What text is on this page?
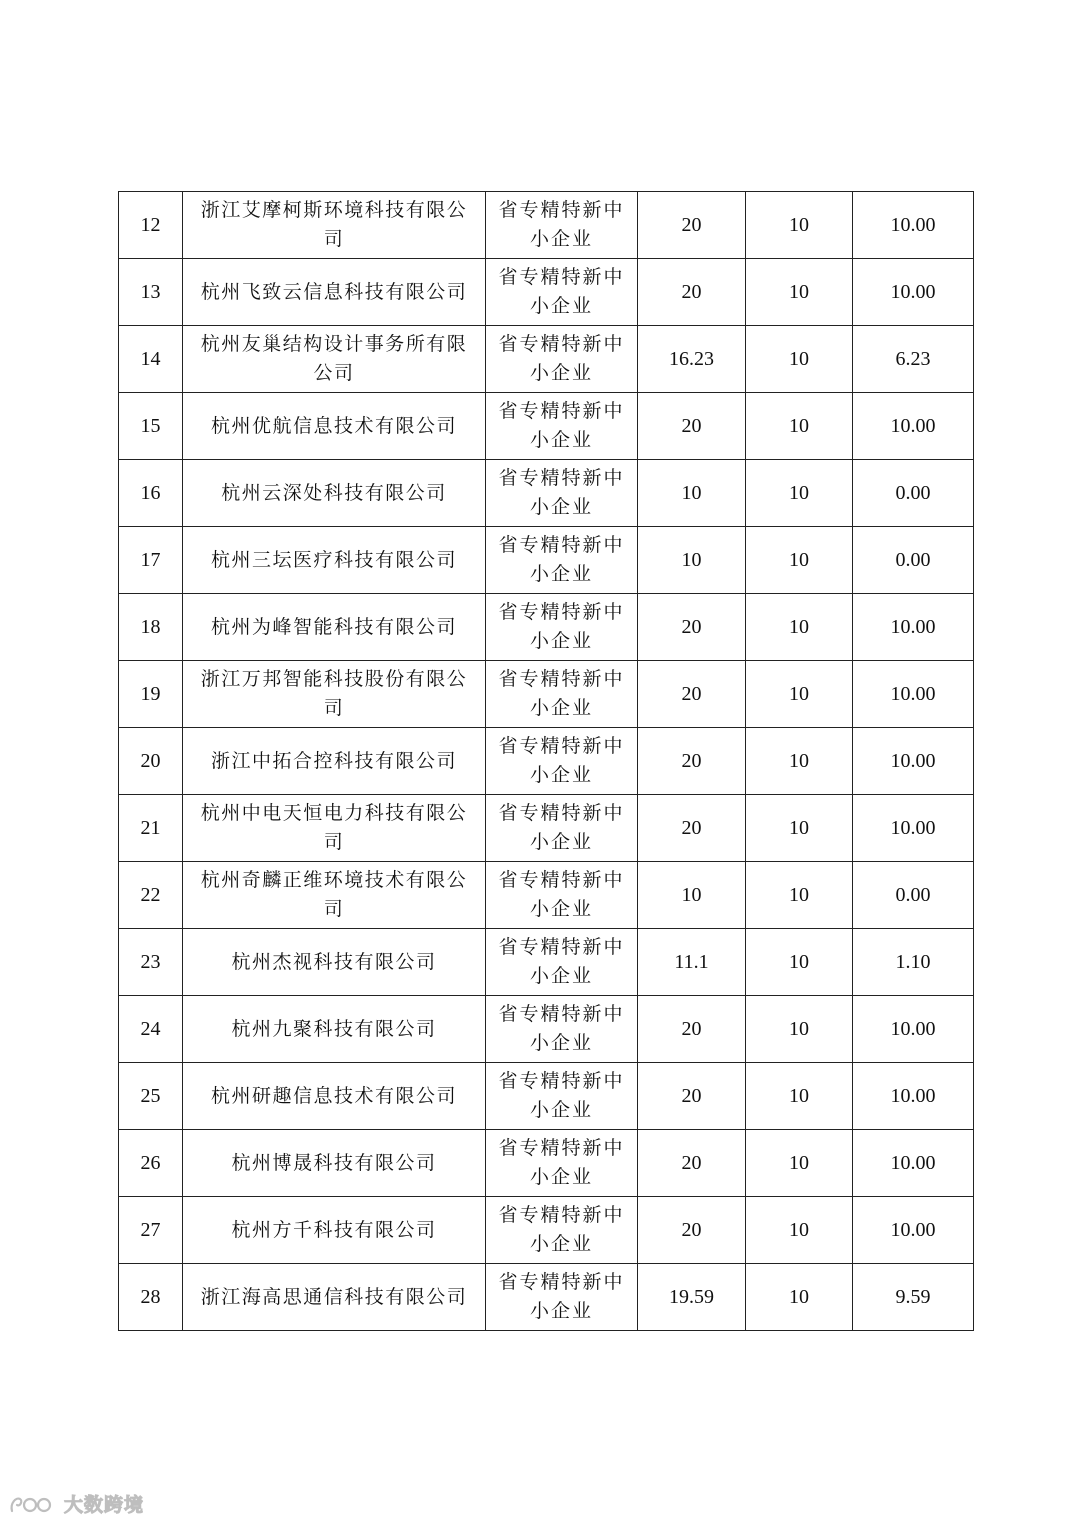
12	浙江艾摩柯斯环境科技有限公司	省专精特新中小企业	20	10	10.00
13	杭州飞致云信息科技有限公司	省专精特新中小企业	20	10	10.00
14	杭州友巢结构设计事务所有限公司	省专精特新中小企业	16.23	10	6.23
15	杭州优航信息技术有限公司	省专精特新中小企业	20	10	10.00
16	杭州云深处科技有限公司	省专精特新中小企业	10	10	0.00
17	杭州三坛医疗科技有限公司	省专精特新中小企业	10	10	0.00
18	杭州为峰智能科技有限公司	省专精特新中小企业	20	10	10.00
19	浙江万邦智能科技股份有限公司	省专精特新中小企业	20	10	10.00
20	浙江中拓合控科技有限公司	省专精特新中小企业	20	10	10.00
21	杭州中电天恒电力科技有限公司	省专精特新中小企业	20	10	10.00
22	杭州奇麟正维环境技术有限公司	省专精特新中小企业	10	10	0.00
23	杭州杰视科技有限公司	省专精特新中小企业	11.1	10	1.10
24	杭州九聚科技有限公司	省专精特新中小企业	20	10	10.00
25	杭州研趣信息技术有限公司	省专精特新中小企业	20	10	10.00
26	杭州博晟科技有限公司	省专精特新中小企业	20	10	10.00
27	杭州方千科技有限公司	省专精特新中小企业	20	10	10.00
28	浙江海高思通信科技有限公司	省专精特新中小企业	19.59	10	9.59
大数跨境
